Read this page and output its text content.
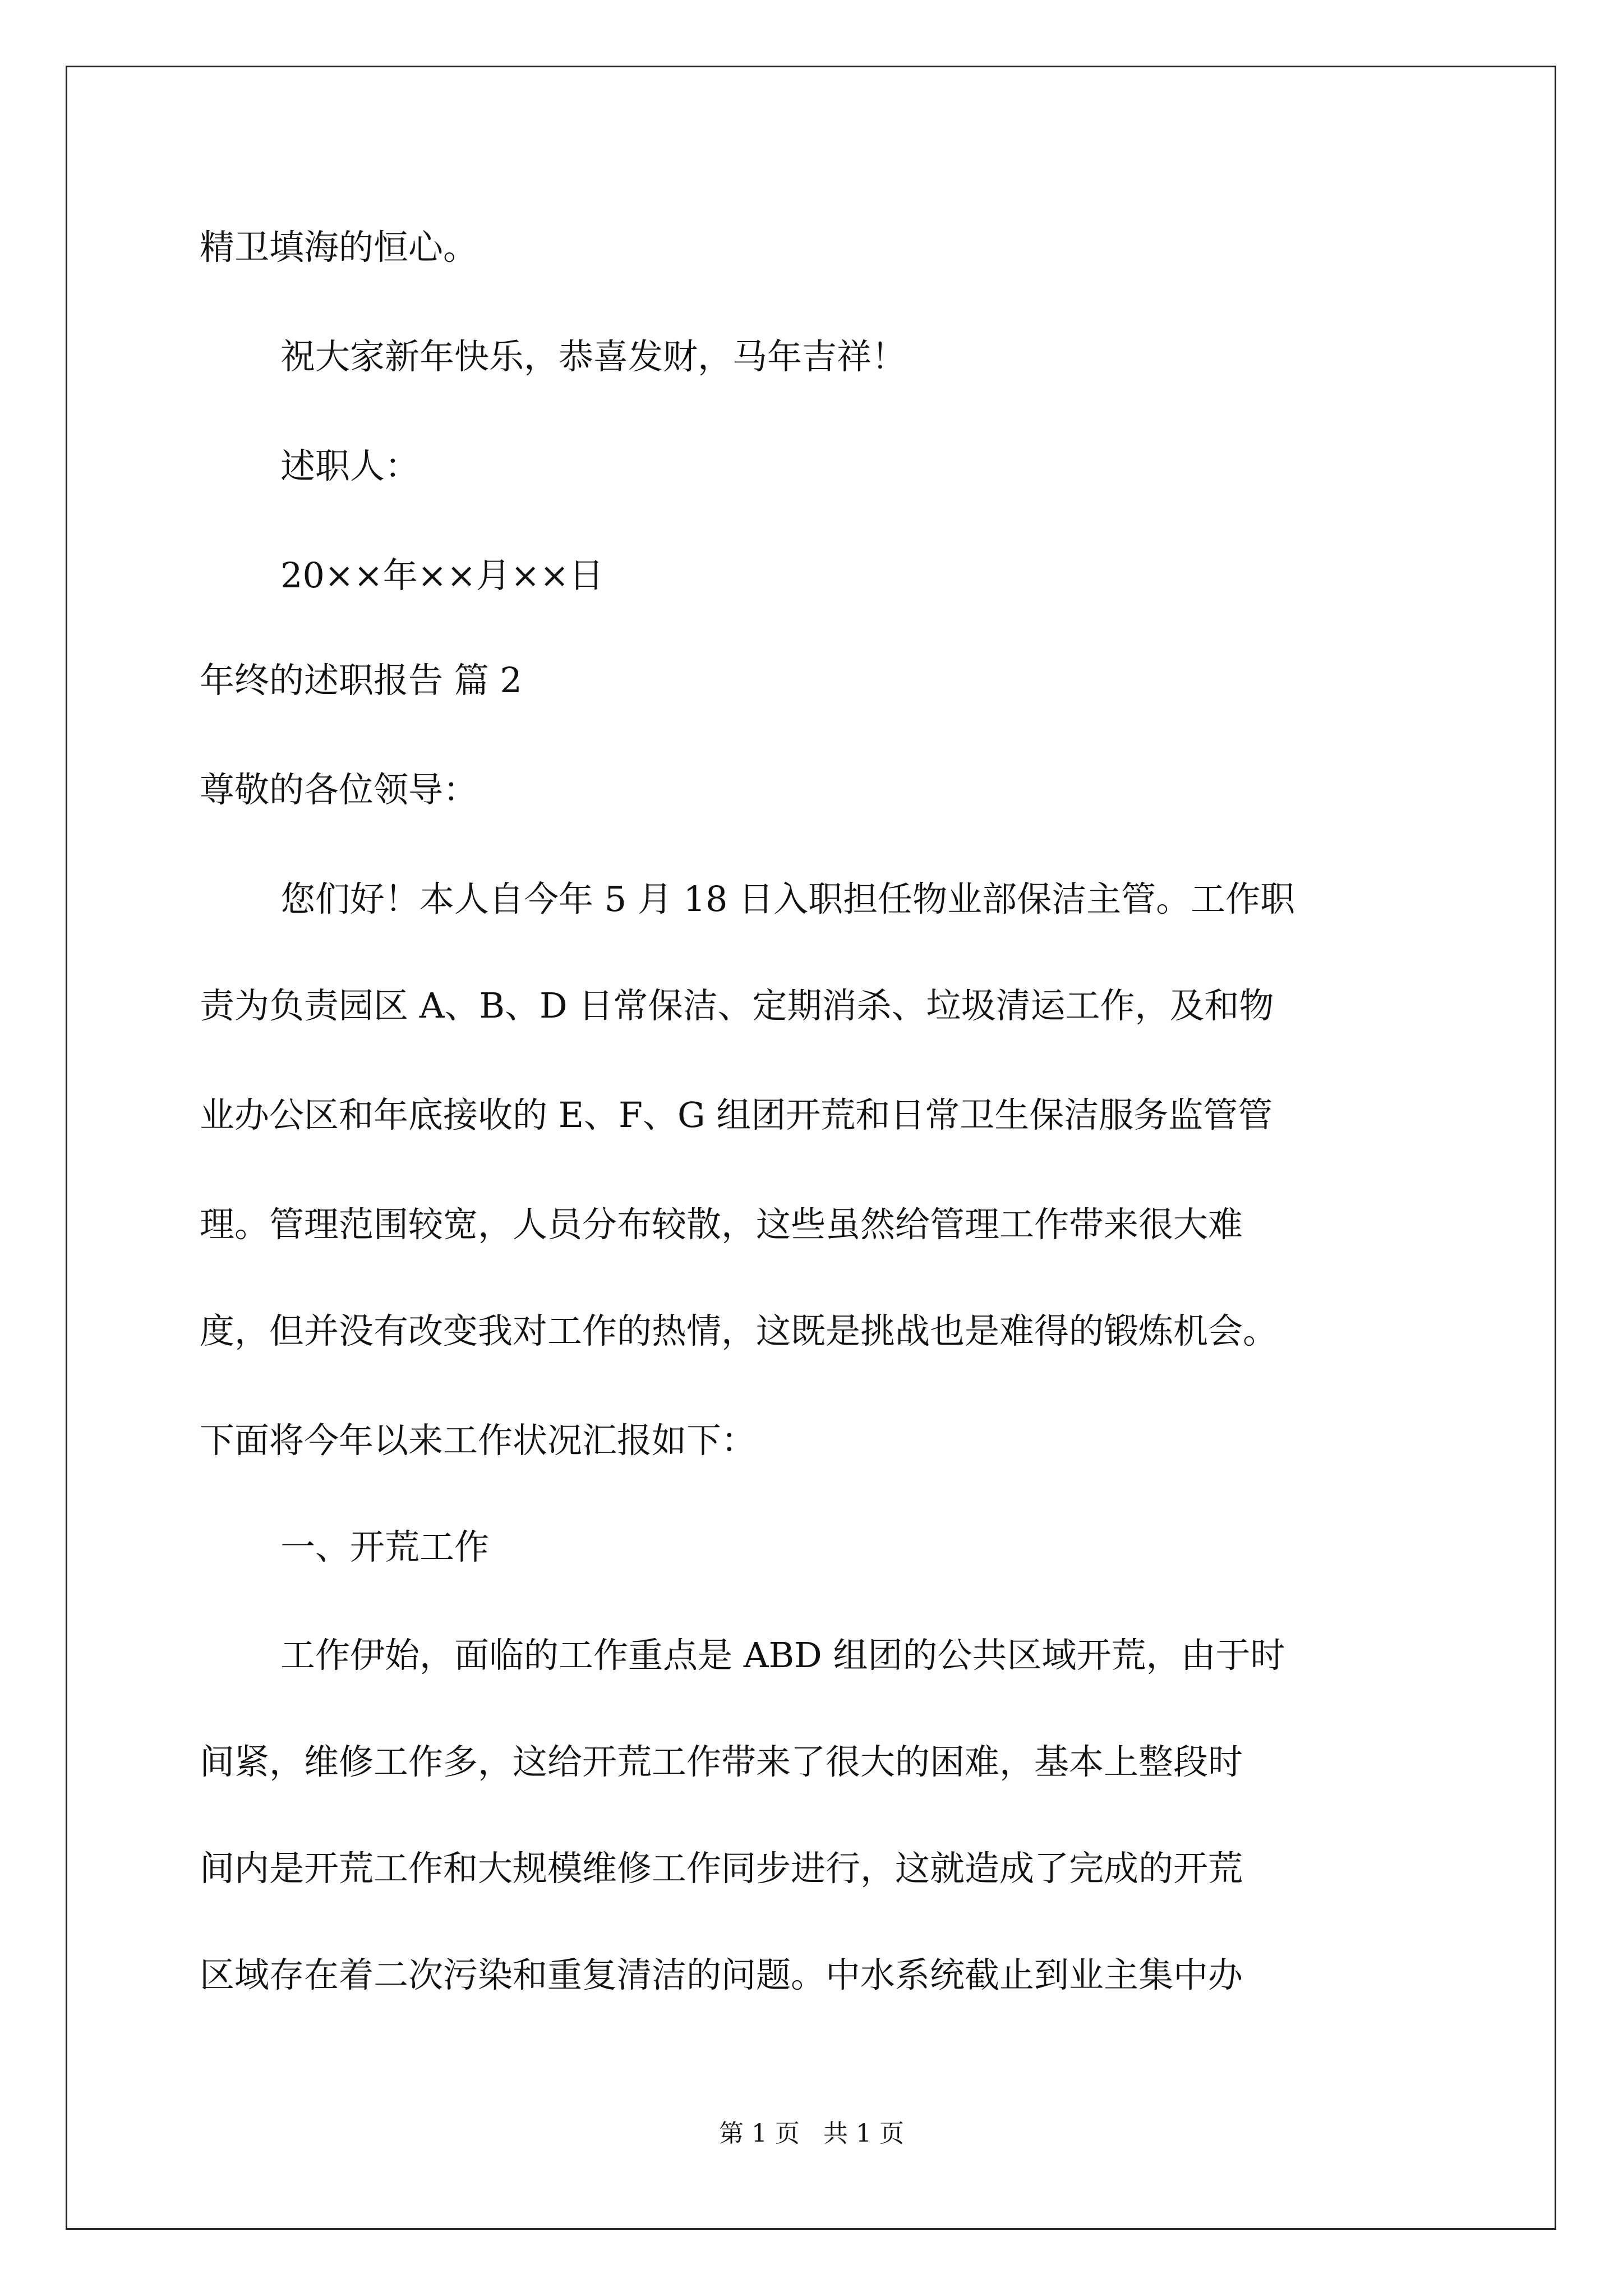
精卫填海的恒心。
祝大家新年快乐，恭喜发财，马年吉祥！
述职人：
20××年××月××日
年终的述职报告 篇 2
尊敬的各位领导：
您们好！本人自今年 5 月 18 日入职担任物业部保洁主管。工作职
责为负责园区 A、B、D 日常保洁、定期消杀、垃圾清运工作，及和物
业办公区和年底接收的 E、F、G 组团开荒和日常卫生保洁服务监管管
理。管理范围较宽，人员分布较散，这些虽然给管理工作带来很大难
度，但并没有改变我对工作的热情，这既是挑战也是难得的锻炼机会。
下面将今年以来工作状况汇报如下：
一、开荒工作
工作伊始，面临的工作重点是 ABD 组团的公共区域开荒，由于时
间紧，维修工作多，这给开荒工作带来了很大的困难，基本上整段时
间内是开荒工作和大规模维修工作同步进行，这就造成了完成的开荒
区域存在着二次污染和重复清洁的问题。中水系统截止到业主集中办
第 1 页   共 1 页
